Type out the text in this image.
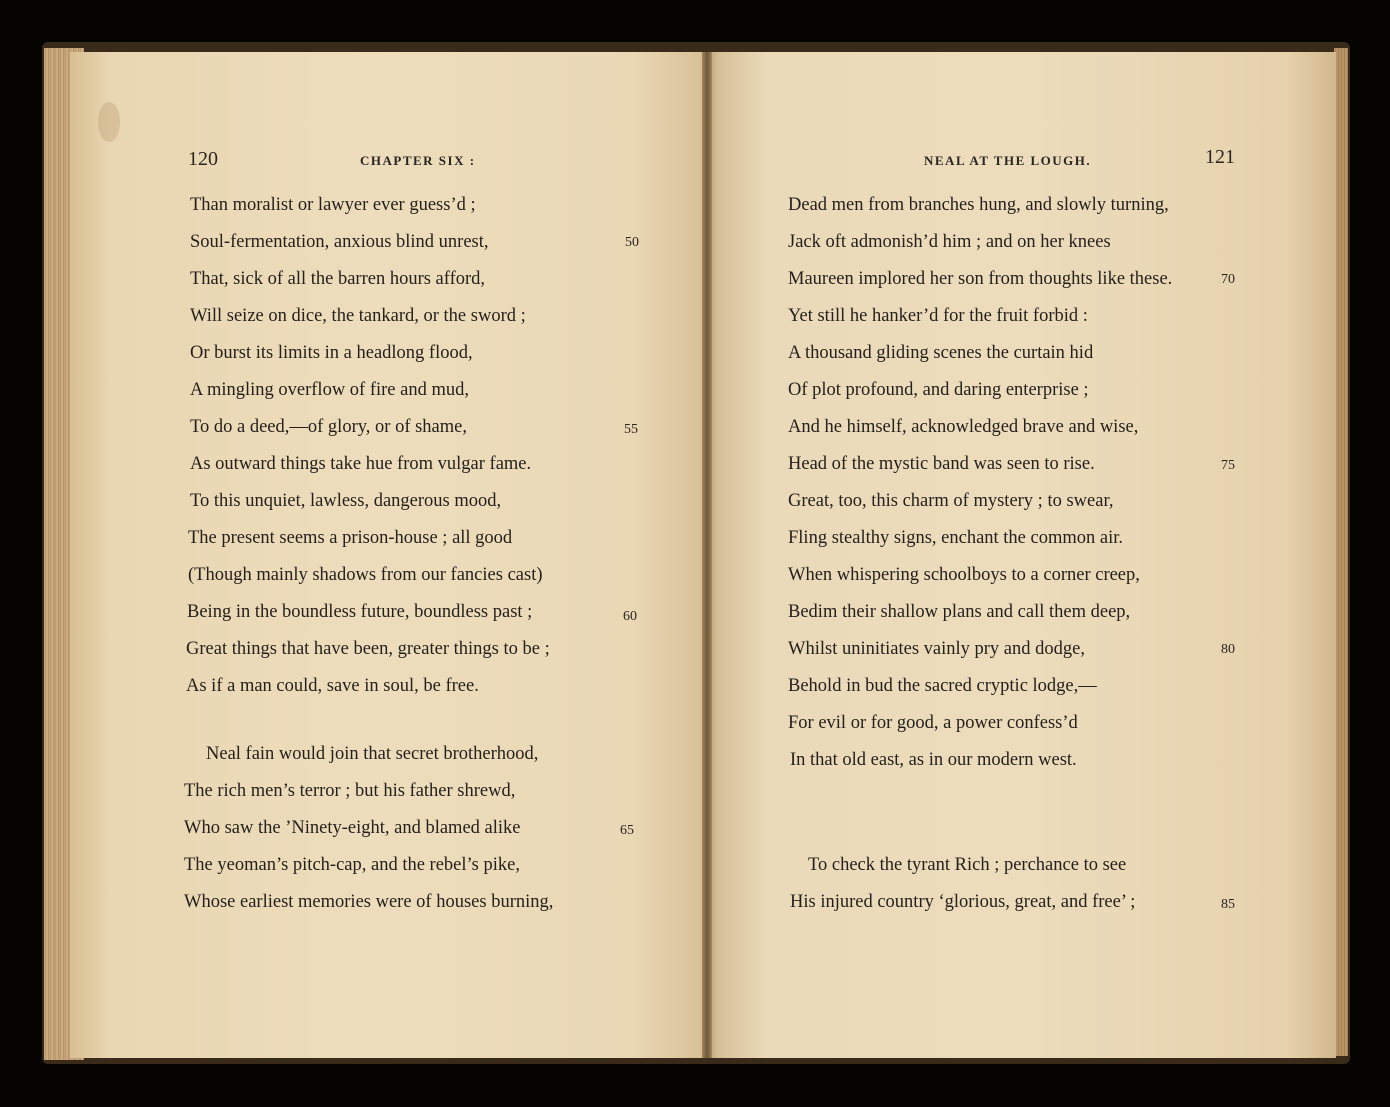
120	CHAPTER SIX :
Than moralist or lawyer ever guess’d ;
Soul-fermentation, anxious blind unrest,
That, sick of all the barren hours afford,
Will seize on dice, the tankard, or the sword ;
Or burst its limits in a headlong flood,
A mingling overflow of fire and mud,
To do a deed,—of glory, or of shame,
As outward things take hue from vulgar fame.
To this unquiet, lawless, dangerous mood,
The present seems a prison-house ; all good
(Though mainly shadows from our fancies cast)
Being in the boundless future, boundless past ;
Great things that have been, greater things to be ;
As if a man could, save in soul, be free.
Neal fain would join that secret brotherhood,
The rich men’s terror ; but his father shrewd,
Who saw the ’Ninety-eight, and blamed alike
The yeoman’s pitch-cap, and the rebel’s pike,
Whose earliest memories were of houses burning,
50
55
60
65
NEAL AT THE LOUGH.	121
Dead men from branches hung, and slowly turning,
Jack oft admonish’d him ; and on her knees
Maureen implored her son from thoughts like these.
Yet still he hanker’d for the fruit forbid :
A thousand gliding scenes the curtain hid
Of plot profound, and daring enterprise ;
And he himself, acknowledged brave and wise,
Head of the mystic band was seen to rise.
Great, too, this charm of mystery ; to swear,
Fling stealthy signs, enchant the common air.
When whispering schoolboys to a corner creep,
Bedim their shallow plans and call them deep,
Whilst uninitiates vainly pry and dodge,
Behold in bud the sacred cryptic lodge,—
For evil or for good, a power confess’d
In that old east, as in our modern west.
To check the tyrant Rich ; perchance to see
His injured country ‘glorious, great, and free’ ;
70
75
80
85
